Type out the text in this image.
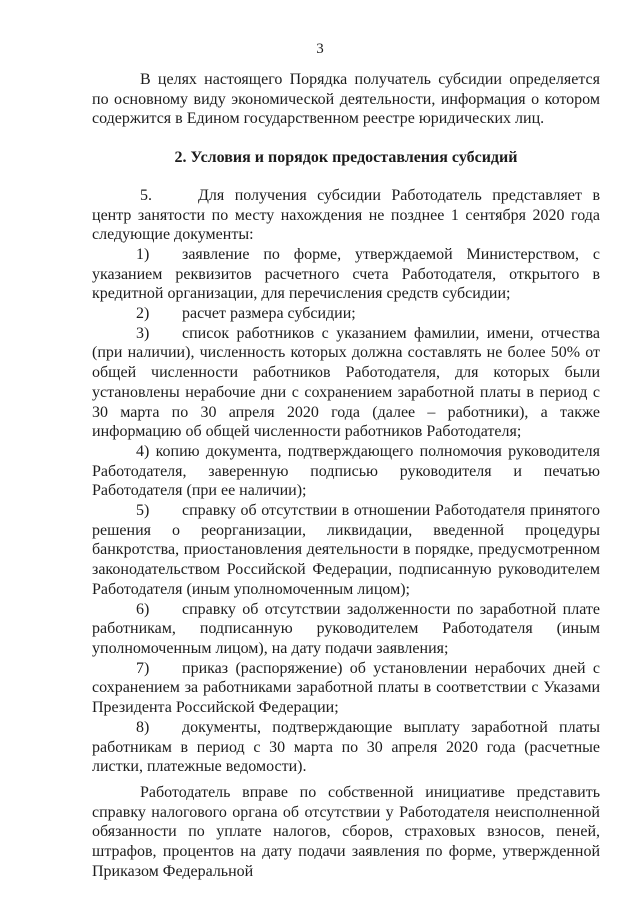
3

В целях настоящего Порядка получатель субсидии определяется по основному виду экономической деятельности, информация о котором содержится в Едином государственном реестре юридических лиц.

2. Условия и порядок предоставления субсидий

5.	Для получения субсидии Работодатель представляет в центр занятости по месту нахождения не позднее 1 сентября 2020 года следующие документы:

1) заявление по форме, утверждаемой Министерством, с указанием реквизитов расчетного счета Работодателя, открытого в кредитной организации, для перечисления средств субсидии;

2) расчет размера субсидии;

3) список работников с указанием фамилии, имени, отчества (при наличии), численность которых должна составлять не более 50% от общей численности работников Работодателя, для которых были установлены нерабочие дни с сохранением заработной платы в период с 30 марта по 30 апреля 2020 года (далее – работники), а также информацию об общей численности работников Работодателя;

4) копию документа, подтверждающего полномочия руководителя Работодателя, заверенную подписью руководителя и печатью Работодателя (при ее наличии);

5) справку об отсутствии в отношении Работодателя принятого решения о реорганизации, ликвидации, введенной процедуры банкротства, приостановления деятельности в порядке, предусмотренном законодательством Российской Федерации, подписанную руководителем Работодателя (иным уполномоченным лицом);

6) справку об отсутствии задолженности по заработной плате работникам, подписанную руководителем Работодателя (иным уполномоченным лицом), на дату подачи заявления;

7) приказ (распоряжение) об установлении нерабочих дней с сохранением за работниками заработной платы в соответствии с Указами Президента Российской Федерации;

8) документы, подтверждающие выплату заработной платы работникам в период с 30 марта по 30 апреля 2020 года (расчетные листки, платежные ведомости).

Работодатель вправе по собственной инициативе представить справку налогового органа об отсутствии у Работодателя неисполненной обязанности по уплате налогов, сборов, страховых взносов, пеней, штрафов, процентов на дату подачи заявления по форме, утвержденной Приказом Федеральной
